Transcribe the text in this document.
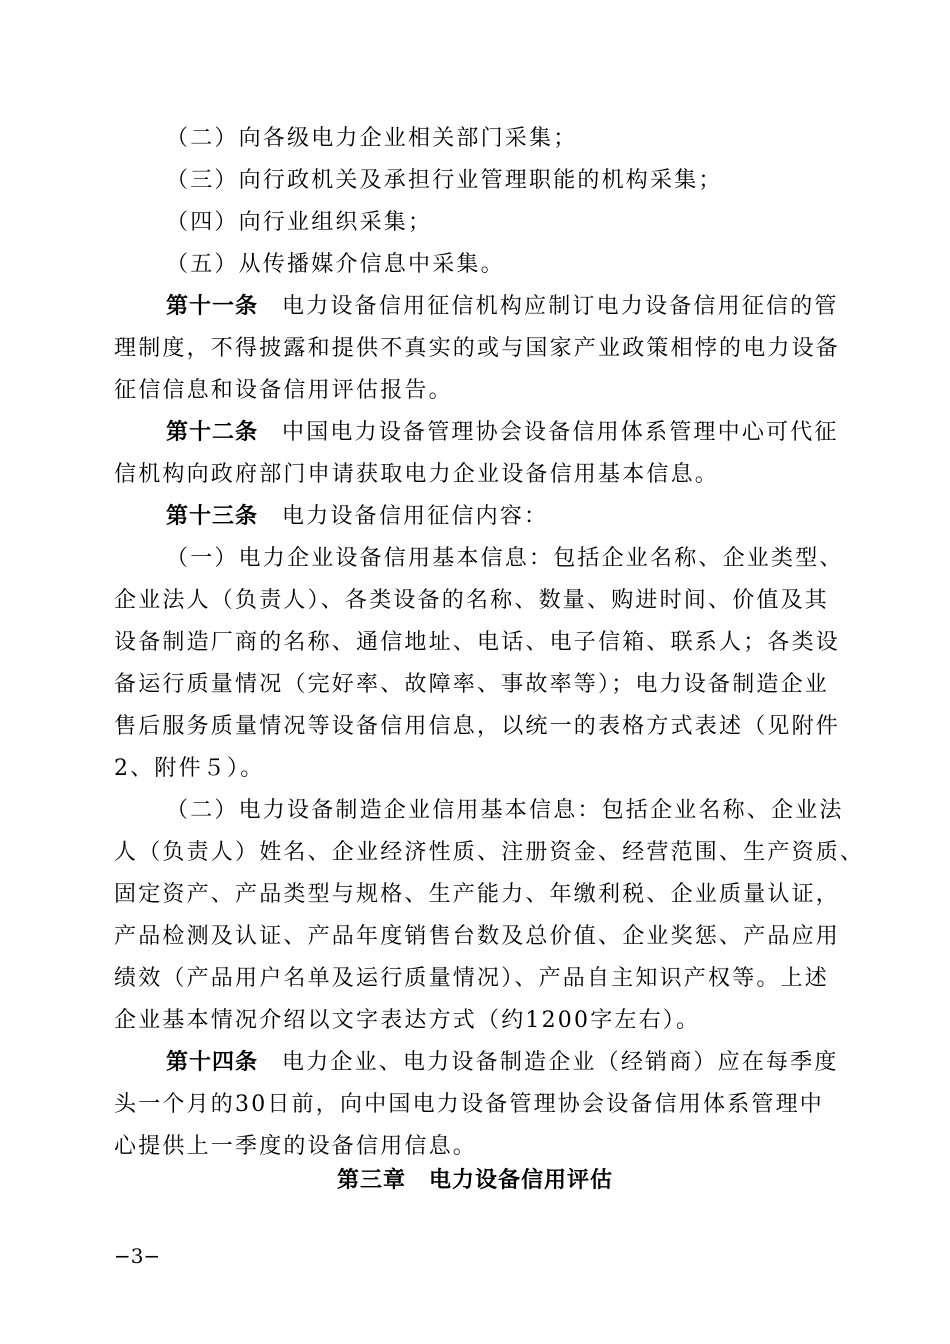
（二）向各级电力企业相关部门采集；
（三）向行政机关及承担行业管理职能的机构采集；
（四）向行业组织采集；
（五）从传播媒介信息中采集。
第十一条 电力设备信用征信机构应制订电力设备信用征信的管
理制度，不得披露和提供不真实的或与国家产业政策相悖的电力设备
征信信息和设备信用评估报告。
第十二条 中国电力设备管理协会设备信用体系管理中心可代征
信机构向政府部门申请获取电力企业设备信用基本信息。
第十三条 电力设备信用征信内容：
（一）电力企业设备信用基本信息：包括企业名称、企业类型、
企业法人（负责人）、各类设备的名称、数量、购进时间、价值及其
设备制造厂商的名称、通信地址、电话、电子信箱、联系人；各类设
备运行质量情况（完好率、故障率、事故率等）；电力设备制造企业
售后服务质量情况等设备信用信息，以统一的表格方式表述（见附件
2、附件５）。
（二）电力设备制造企业信用基本信息：包括企业名称、企业法
人（负责人）姓名、企业经济性质、注册资金、经营范围、生产资质、
固定资产、产品类型与规格、生产能力、年缴利税、企业质量认证，
产品检测及认证、产品年度销售台数及总价值、企业奖惩、产品应用
绩效（产品用户名单及运行质量情况）、产品自主知识产权等。上述
企业基本情况介绍以文字表达方式（约1200字左右）。
第十四条 电力企业、电力设备制造企业（经销商）应在每季度
头一个月的30日前，向中国电力设备管理协会设备信用体系管理中
心提供上一季度的设备信用信息。
第三章　电力设备信用评估
−3−
